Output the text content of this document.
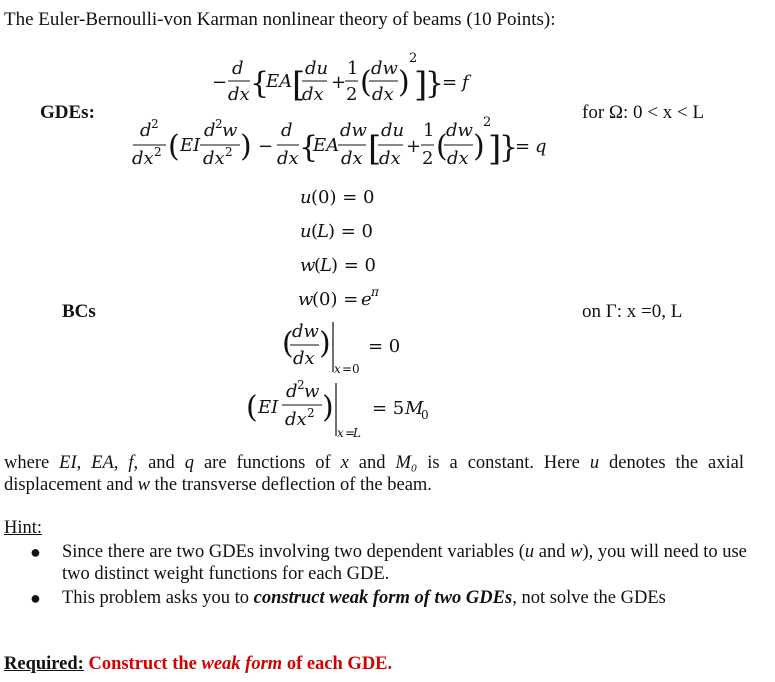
The Euler-Bernoulli-von Karman nonlinear theory of beams (10 Points):
GDEs:
BCs
for Ω: 0 < x < L
on Γ: x =0, L
−
d
dx {
EA [ du
dx
+
1
2 ( dw
dx )
2
]
}
= f
d 2
dx 2 ( EI
d 2 w
dx 2 ) −
d
dx {
EA
dw
dx [ du
dx
+
1
2 (
dw
dx )
2
]
}
= q
u (0) = 0
u (
L ) = 0
w
(
L ) = 0
w
(0) = e π
(
dw
dx )
x =0
= 0
( EI
d 2 w
dx 2 )
x =
L
= 5 M
0
where EI, EA, f, and q are functions of x and M₀ is a constant. Here u denotes the axial displacement and w the transverse deflection of the beam.
Hint:
● Since there are two GDEs involving two dependent variables (u and w), you will need to use two distinct weight functions for each GDE.
● This problem asks you to construct weak form of two GDEs, not solve the GDEs
Required: Construct the weak form of each GDE.
